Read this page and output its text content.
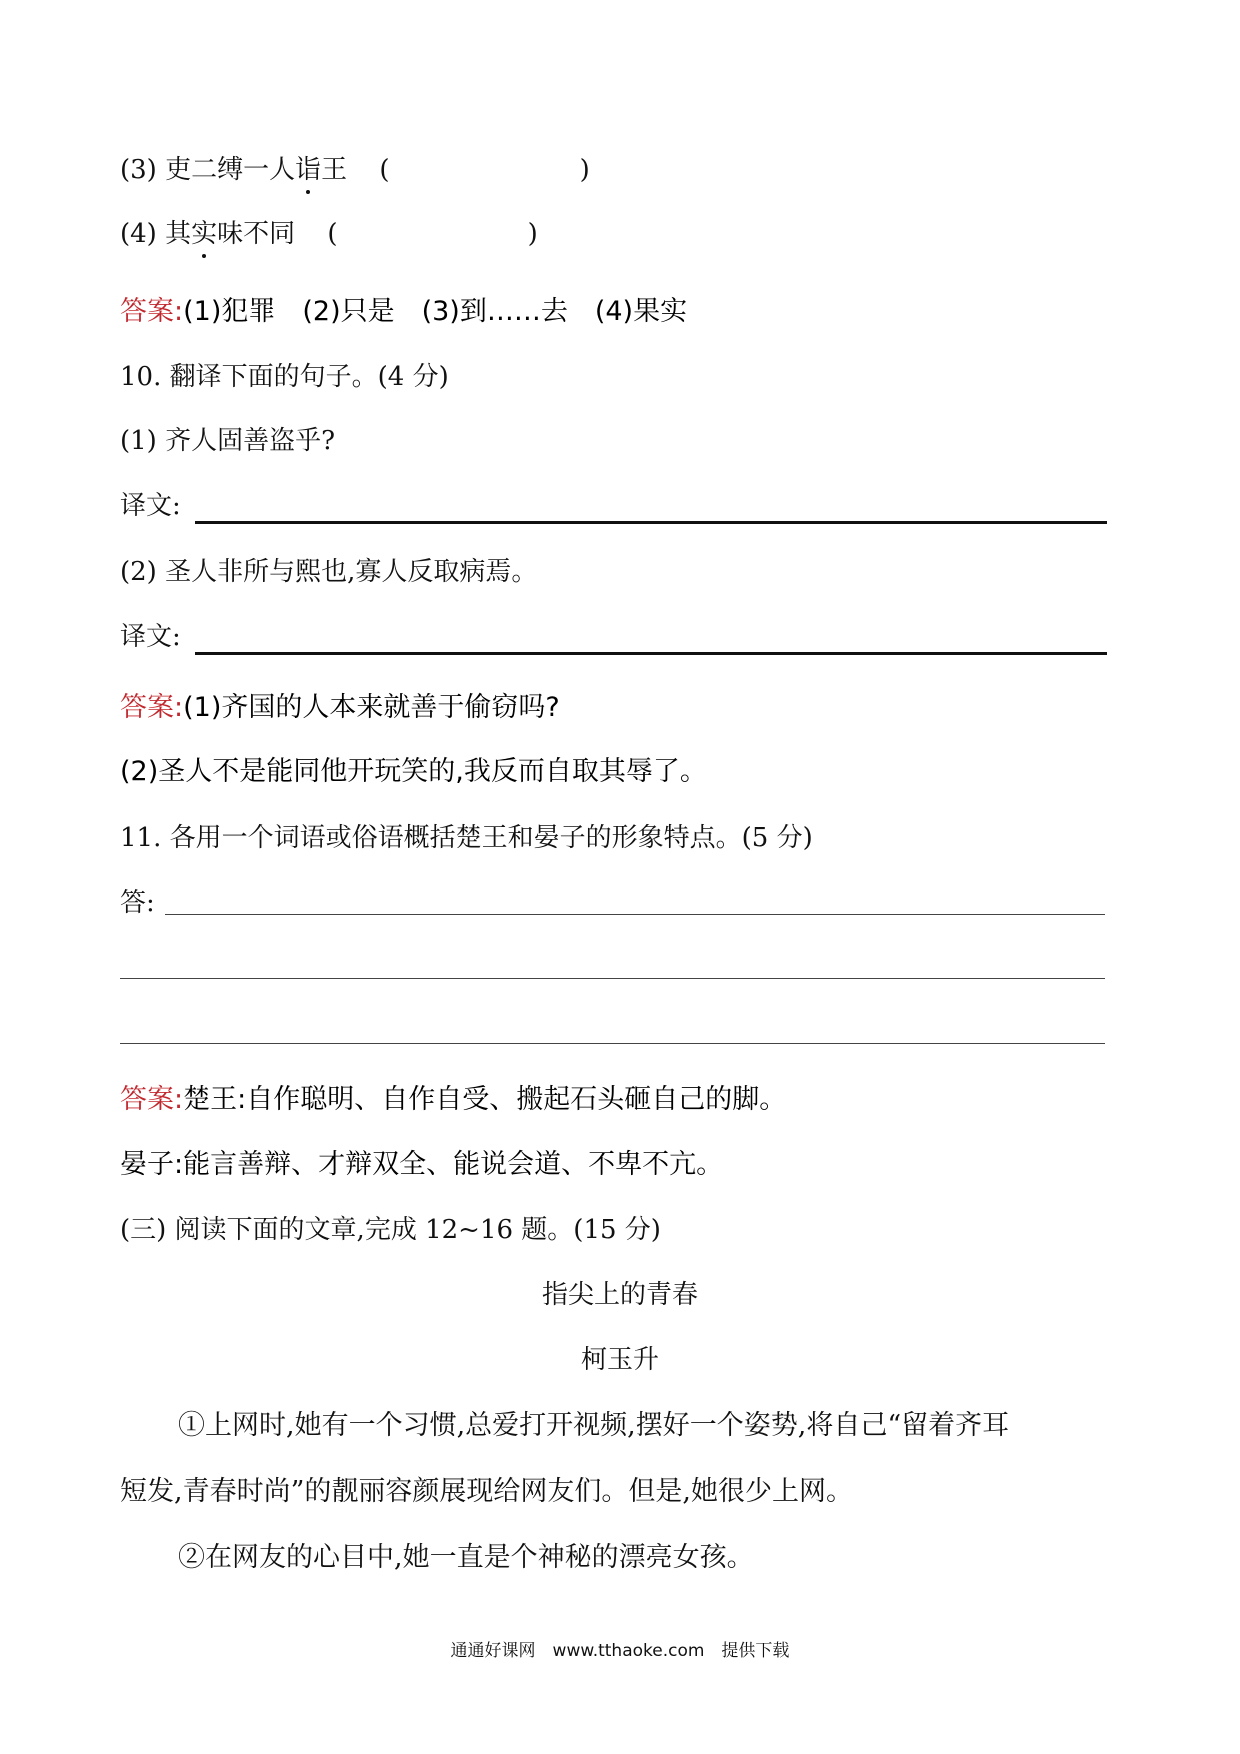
(3) 吏二缚一人诣王 (	)
(4) 其实味不同 (	)
答案:(1)犯罪　(2)只是　(3)到……去　(4)果实
10. 翻译下面的句子。(4 分)
(1) 齐人固善盗乎?
译文:
(2) 圣人非所与熙也,寡人反取病焉。
译文:
答案:(1)齐国的人本来就善于偷窃吗?
(2)圣人不是能同他开玩笑的,我反而自取其辱了。
11. 各用一个词语或俗语概括楚王和晏子的形象特点。(5 分)
答:
答案:楚王:自作聪明、自作自受、搬起石头砸自己的脚。
晏子:能言善辩、才辩双全、能说会道、不卑不亢。
(三) 阅读下面的文章,完成 12~16 题。(15 分)
指尖上的青春
柯玉升
①上网时,她有一个习惯,总爱打开视频,摆好一个姿势,将自己“留着齐耳
短发,青春时尚”的靓丽容颜展现给网友们。但是,她很少上网。
②在网友的心目中,她一直是个神秘的漂亮女孩。
通通好课网　www.tthaoke.com　提供下载
